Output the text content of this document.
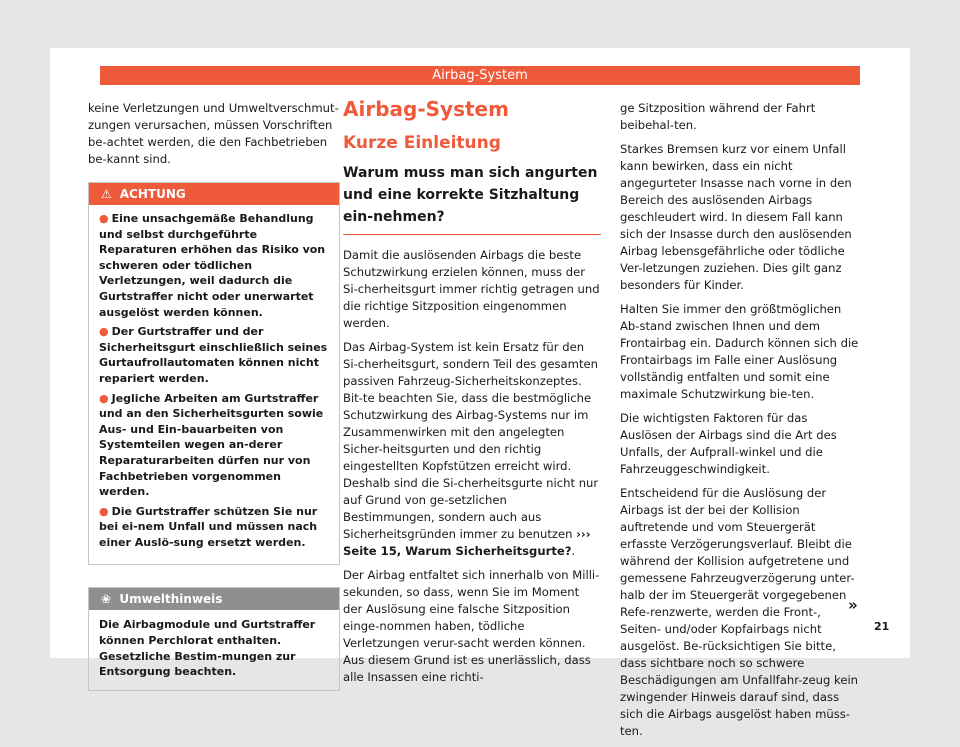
Airbag-System

keine Verletzungen und Umweltverschmut-zungen verursachen, müssen Vorschriften be-achtet werden, die den Fachbetrieben be-kannt sind.

⚠ ACHTUNG
● Eine unsachgemäße Behandlung und selbst durchgeführte Reparaturen erhöhen das Risiko von schweren oder tödlichen Verletzungen, weil dadurch die Gurtstraffer nicht oder unerwartet ausgelöst werden können.
● Der Gurtstraffer und der Sicherheitsgurt einschließlich seines Gurtaufrollautomaten können nicht repariert werden.
● Jegliche Arbeiten am Gurtstraffer und an den Sicherheitsgurten sowie Aus- und Ein-bauarbeiten von Systemteilen wegen an-derer Reparaturarbeiten dürfen nur von Fachbetrieben vorgenommen werden.
● Die Gurtstraffer schützen Sie nur bei ei-nem Unfall und müssen nach einer Auslö-sung ersetzt werden.
❀ Umwelthinweis
Die Airbagmodule und Gurtstraffer können Perchlorat enthalten. Gesetzliche Bestim-mungen zur Entsorgung beachten.
Airbag-System
Kurze Einleitung
Warum muss man sich angurten und eine korrekte Sitzhaltung ein-nehmen?

Damit die auslösenden Airbags die beste Schutzwirkung erzielen können, muss der Si-cherheitsgurt immer richtig getragen und die richtige Sitzposition eingenommen werden.

Das Airbag-System ist kein Ersatz für den Si-cherheitsgurt, sondern Teil des gesamten passiven Fahrzeug-Sicherheitskonzeptes. Bit-te beachten Sie, dass die bestmögliche Schutzwirkung des Airbag-Systems nur im Zusammenwirken mit den angelegten Sicher-heitsgurten und den richtig eingestellten Kopfstützen erreicht wird. Deshalb sind die Si-cherheitsgurte nicht nur auf Grund von ge-setzlichen Bestimmungen, sondern auch aus Sicherheitsgründen immer zu benutzen ››› Seite 15, Warum Sicherheitsgurte?.

Der Airbag entfaltet sich innerhalb von Milli-sekunden, so dass, wenn Sie im Moment der Auslösung eine falsche Sitzposition einge-nommen haben, tödliche Verletzungen verur-sacht werden können. Aus diesem Grund ist es unerlässlich, dass alle Insassen eine richti-

ge Sitzposition während der Fahrt beibehal-ten.

Starkes Bremsen kurz vor einem Unfall kann bewirken, dass ein nicht angegurteter Insasse nach vorne in den Bereich des auslösenden Airbags geschleudert wird. In diesem Fall kann sich der Insasse durch den auslösenden Airbag lebensgefährliche oder tödliche Ver-letzungen zuziehen. Dies gilt ganz besonders für Kinder.

Halten Sie immer den größtmöglichen Ab-stand zwischen Ihnen und dem Frontairbag ein. Dadurch können sich die Frontairbags im Falle einer Auslösung vollständig entfalten und somit eine maximale Schutzwirkung bie-ten.

Die wichtigsten Faktoren für das Auslösen der Airbags sind die Art des Unfalls, der Aufprall-winkel und die Fahrzeuggeschwindigkeit.

Entscheidend für die Auslösung der Airbags ist der bei der Kollision auftretende und vom Steuergerät erfasste Verzögerungsverlauf. Bleibt die während der Kollision aufgetretene und gemessene Fahrzeugverzögerung unter-halb der im Steuergerät vorgegebenen Refe-renzwerte, werden die Front-, Seiten- und/oder Kopfairbags nicht ausgelöst. Be-rücksichtigen Sie bitte, dass sichtbare noch so schwere Beschädigungen am Unfallfahr-zeug kein zwingender Hinweis darauf sind, dass sich die Airbags ausgelöst haben müss-ten.

»
21
